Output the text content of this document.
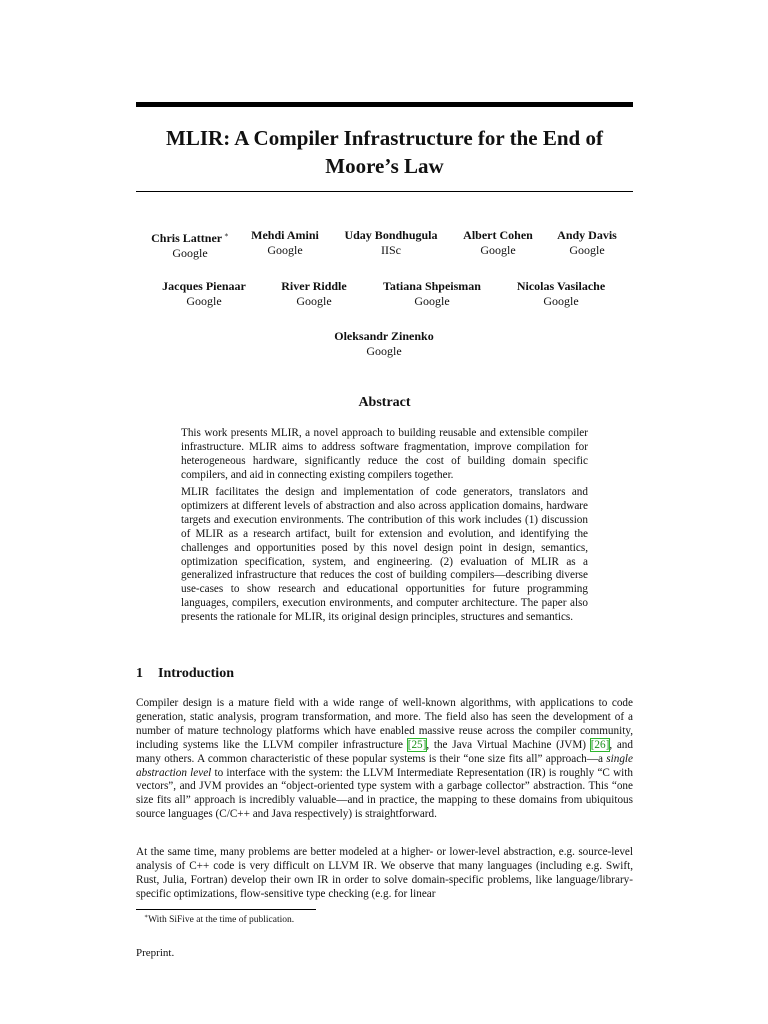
MLIR: A Compiler Infrastructure for the End of
Moore’s Law
Chris Lattner ∗
Google
Mehdi Amini
Google
Uday Bondhugula
IISc
Albert Cohen
Google
Andy Davis
Google
Jacques Pienaar
Google
River Riddle
Google
Tatiana Shpeisman
Google
Nicolas Vasilache
Google
Oleksandr Zinenko
Google
Abstract

This work presents MLIR, a novel approach to building reusable and extensible compiler infrastructure. MLIR aims to address software fragmentation, improve compilation for heterogeneous hardware, significantly reduce the cost of building domain specific compilers, and aid in connecting existing compilers together.

MLIR facilitates the design and implementation of code generators, translators and optimizers at different levels of abstraction and also across application domains, hardware targets and execution environments. The contribution of this work includes (1) discussion of MLIR as a research artifact, built for extension and evolution, and identifying the challenges and opportunities posed by this novel design point in design, semantics, optimization specification, system, and engineering. (2) evaluation of MLIR as a generalized infrastructure that reduces the cost of building compilers—describing diverse use-cases to show research and educational opportunities for future programming languages, compilers, execution environments, and computer architecture. The paper also presents the rationale for MLIR, its original design principles, structures and semantics.

1 Introduction

Compiler design is a mature field with a wide range of well-known algorithms, with applications to code generation, static analysis, program transformation, and more. The field also has seen the development of a number of mature technology platforms which have enabled massive reuse across the compiler community, including systems like the LLVM compiler infrastructure [25], the Java Virtual Machine (JVM) [26], and many others. A common characteristic of these popular systems is their “one size fits all” approach—a single abstraction level to interface with the system: the LLVM Intermediate Representation (IR) is roughly “C with vectors”, and JVM provides an “object-oriented type system with a garbage collector” abstraction. This “one size fits all” approach is incredibly valuable—and in practice, the mapping to these domains from ubiquitous source languages (C/C++ and Java respectively) is straightforward.

At the same time, many problems are better modeled at a higher- or lower-level abstraction, e.g. source-level analysis of C++ code is very difficult on LLVM IR. We observe that many languages (including e.g. Swift, Rust, Julia, Fortran) develop their own IR in order to solve domain-specific problems, like language/library-specific optimizations, flow-sensitive type checking (e.g. for linear

∗With SiFive at the time of publication.
Preprint.
